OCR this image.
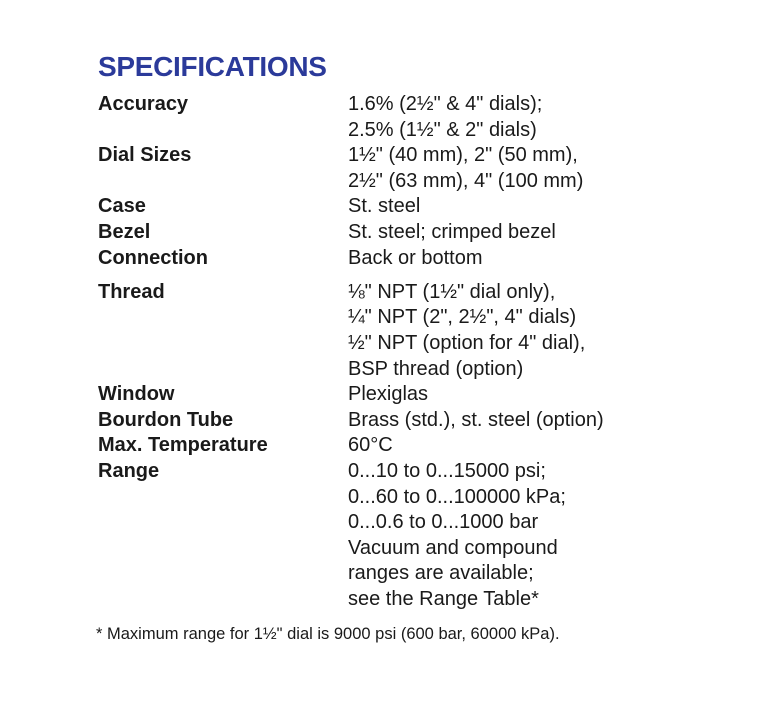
SPECIFICATIONS
Accuracy	1.6% (2½" & 4" dials);
2.5% (1½" & 2" dials)
Dial Sizes	1½" (40 mm), 2" (50 mm),
2½" (63 mm), 4" (100 mm)
Case	St. steel
Bezel	St. steel; crimped bezel
Connection	Back or bottom
Thread	⅛" NPT (1½" dial only),
¼" NPT (2", 2½", 4" dials)
½" NPT (option for 4" dial),
BSP thread (option)
Window	Plexiglas
Bourdon Tube	Brass (std.), st. steel (option)
Max. Temperature	60°C
Range	0...10 to 0...15000 psi;
0...60 to 0...100000 kPa;
0...0.6 to 0...1000 bar
Vacuum and compound
ranges are available;
see the Range Table*
* Maximum range for 1½" dial is 9000 psi (600 bar, 60000 kPa).
